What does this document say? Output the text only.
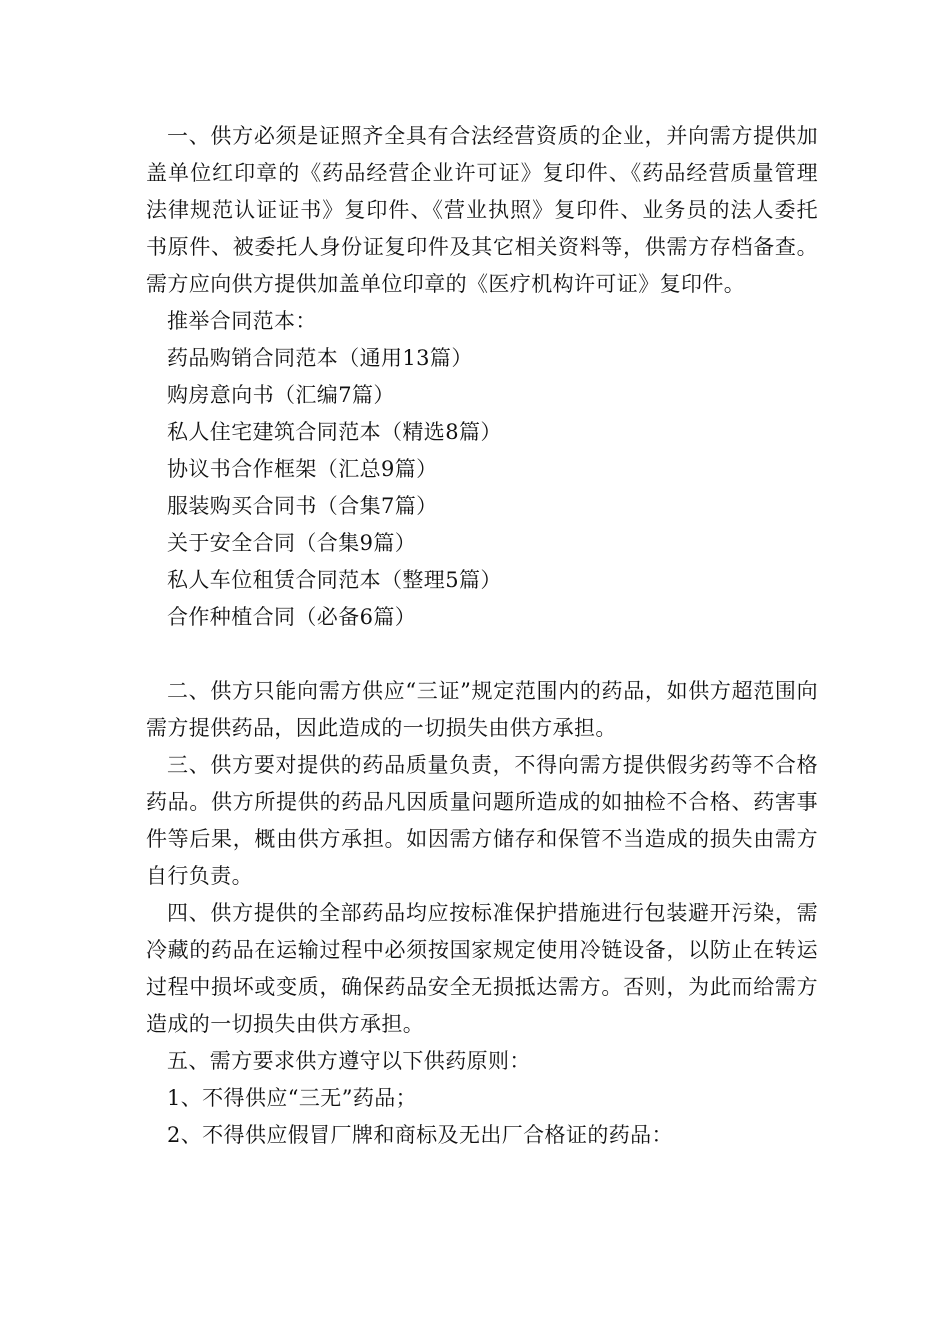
一、供方必须是证照齐全具有合法经营资质的企业，并向需方提供加盖单位红印章的《药品经营企业许可证》复印件、《药品经营质量管理法律规范认证证书》复印件、《营业执照》复印件、业务员的法人委托书原件、被委托人身份证复印件及其它相关资料等，供需方存档备查。需方应向供方提供加盖单位印章的《医疗机构许可证》复印件。

推举合同范本：

药品购销合同范本（通用13篇）

购房意向书（汇编7篇）

私人住宅建筑合同范本（精选8篇）

协议书合作框架（汇总9篇）

服装购买合同书（合集7篇）

关于安全合同（合集9篇）

私人车位租赁合同范本（整理5篇）

合作种植合同（必备6篇）

二、供方只能向需方供应“三证”规定范围内的药品，如供方超范围向需方提供药品，因此造成的一切损失由供方承担。

三、供方要对提供的药品质量负责，不得向需方提供假劣药等不合格药品。供方所提供的药品凡因质量问题所造成的如抽检不合格、药害事件等后果，概由供方承担。如因需方储存和保管不当造成的损失由需方自行负责。

四、供方提供的全部药品均应按标准保护措施进行包装避开污染，需冷藏的药品在运输过程中必须按国家规定使用冷链设备，以防止在转运过程中损坏或变质，确保药品安全无损抵达需方。否则，为此而给需方造成的一切损失由供方承担。

五、需方要求供方遵守以下供药原则：

1、不得供应“三无”药品；

2、不得供应假冒厂牌和商标及无出厂合格证的药品：
